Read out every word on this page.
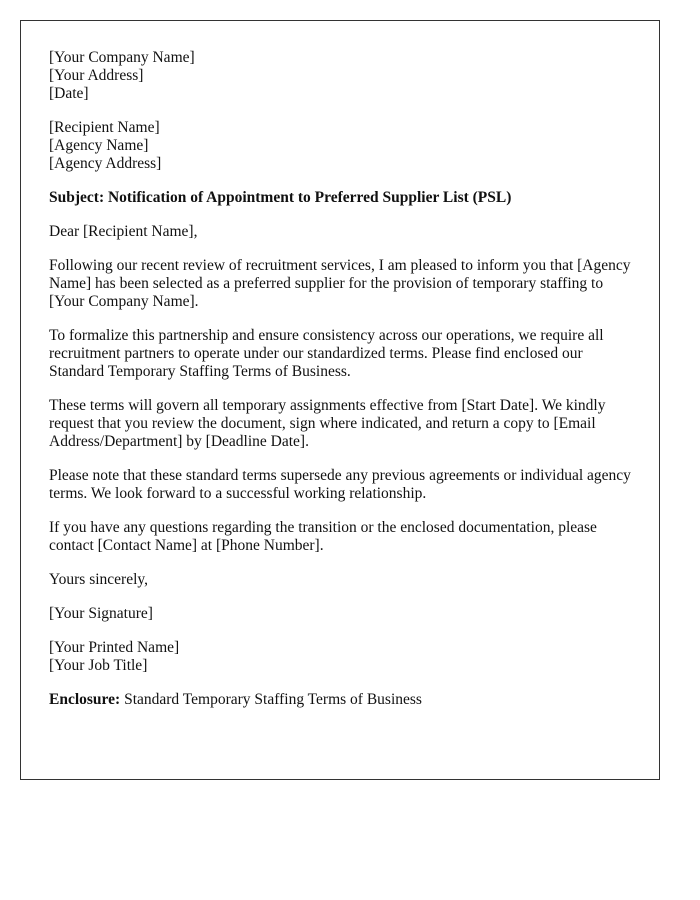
[Your Company Name]
[Your Address]
[Date]
[Recipient Name]
[Agency Name]
[Agency Address]

Subject: Notification of Appointment to Preferred Supplier List (PSL)

Dear [Recipient Name],

Following our recent review of recruitment services, I am pleased to inform you that [Agency Name] has been selected as a preferred supplier for the provision of temporary staffing to [Your Company Name].

To formalize this partnership and ensure consistency across our operations, we require all recruitment partners to operate under our standardized terms. Please find enclosed our Standard Temporary Staffing Terms of Business.

These terms will govern all temporary assignments effective from [Start Date]. We kindly request that you review the document, sign where indicated, and return a copy to [Email Address/Department] by [Deadline Date].

Please note that these standard terms supersede any previous agreements or individual agency terms. We look forward to a successful working relationship.

If you have any questions regarding the transition or the enclosed documentation, please contact [Contact Name] at [Phone Number].

Yours sincerely,

[Your Signature]

[Your Printed Name]
[Your Job Title]

Enclosure: Standard Temporary Staffing Terms of Business
